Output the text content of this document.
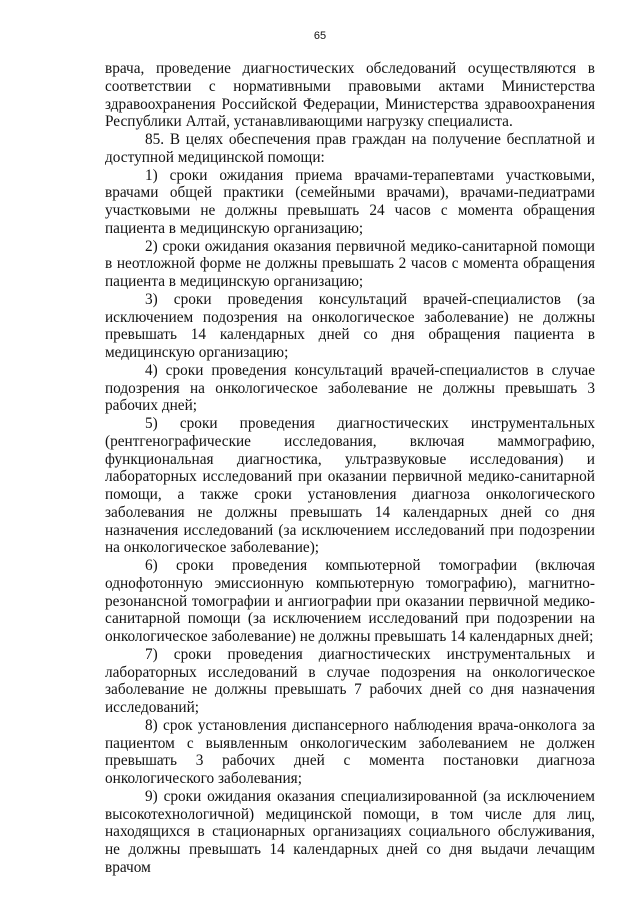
65

врача, проведение диагностических обследований осуществляются в соответствии с нормативными правовыми актами Министерства здравоохранения Российской Федерации, Министерства здравоохранения Республики Алтай, устанавливающими нагрузку специалиста.

85. В целях обеспечения прав граждан на получение бесплатной и доступной медицинской помощи:

1) сроки ожидания приема врачами-терапевтами участковыми, врачами общей практики (семейными врачами), врачами-педиатрами участковыми не должны превышать 24 часов с момента обращения пациента в медицинскую организацию;

2) сроки ожидания оказания первичной медико-санитарной помощи в неотложной форме не должны превышать 2 часов с момента обращения пациента в медицинскую организацию;

3) сроки проведения консультаций врачей-специалистов (за исключением подозрения на онкологическое заболевание) не должны превышать 14 календарных дней со дня обращения пациента в медицинскую организацию;

4) сроки проведения консультаций врачей-специалистов в случае подозрения на онкологическое заболевание не должны превышать 3 рабочих дней;

5) сроки проведения диагностических инструментальных (рентгенографические исследования, включая маммографию, функциональная диагностика, ультразвуковые исследования) и лабораторных исследований при оказании первичной медико-санитарной помощи, а также сроки установления диагноза онкологического заболевания не должны превышать 14 календарных дней со дня назначения исследований (за исключением исследований при подозрении на онкологическое заболевание);

6) сроки проведения компьютерной томографии (включая однофотонную эмиссионную компьютерную томографию), магнитно-резонансной томографии и ангиографии при оказании первичной медико-санитарной помощи (за исключением исследований при подозрении на онкологическое заболевание) не должны превышать 14 календарных дней;

7) сроки проведения диагностических инструментальных и лабораторных исследований в случае подозрения на онкологическое заболевание не должны превышать 7 рабочих дней со дня назначения исследований;

8) срок установления диспансерного наблюдения врача-онколога за пациентом с выявленным онкологическим заболеванием не должен превышать 3 рабочих дней с момента постановки диагноза онкологического заболевания;

9) сроки ожидания оказания специализированной (за исключением высокотехнологичной) медицинской помощи, в том числе для лиц, находящихся в стационарных организациях социального обслуживания, не должны превышать 14 календарных дней со дня выдачи лечащим врачом
